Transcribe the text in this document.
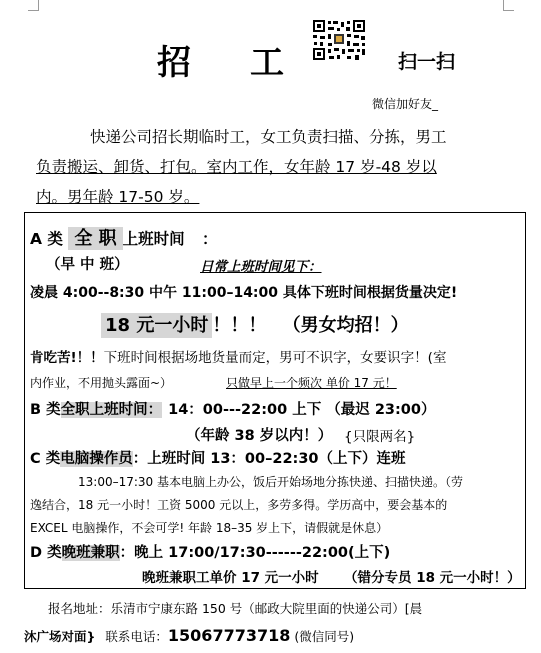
招 工	扫一扫
微信加好友_
快递公司招长期临时工，女工负责扫描、分拣，男工
负责搬运、卸货、打包。室内工作，女年龄 17 岁-48 岁以
内。男年龄 17-50 岁。
A 类 全 职 上班时间 ：
（早 中 班）	日常上班时间见下：
凌晨 4:00--8:30 中午 11:00–14:00 具体下班时间根据货量决定!
18 元一小时 ！！！ （男女均招！）
肯吃苦!！！下班时间根据场地货量而定，男可不识字，女要识字！(室
内作业，不用抛头露面~）	只做早上一个频次 单价 17 元！
B 类全职上班时间： 14：00---22:00 上下 （最迟 23:00）
（年龄 38 岁以内！） {只限两名}
C 类电脑操作员：上班时间 13：00–22:30（上下）连班
13:00–17:30 基本电脑上办公，饭后开始场地分拣快递、扫描快递。（劳
逸结合，18 元一小时！工资 5000 元以上，多劳多得。学历高中，要会基本的
EXCEL 电脑操作，不会可学! 年龄 18–35 岁上下，请假就是休息）
D 类晚班兼职：晚上 17:00/17:30------22:00(上下)
晚班兼职工单价 17 元一小时 （错分专员 18 元一小时！）
报名地址：乐清市宁康东路 150 号（邮政大院里面的快递公司）[晨
沐广场对面} 联系电话：15067773718 (微信同号)
